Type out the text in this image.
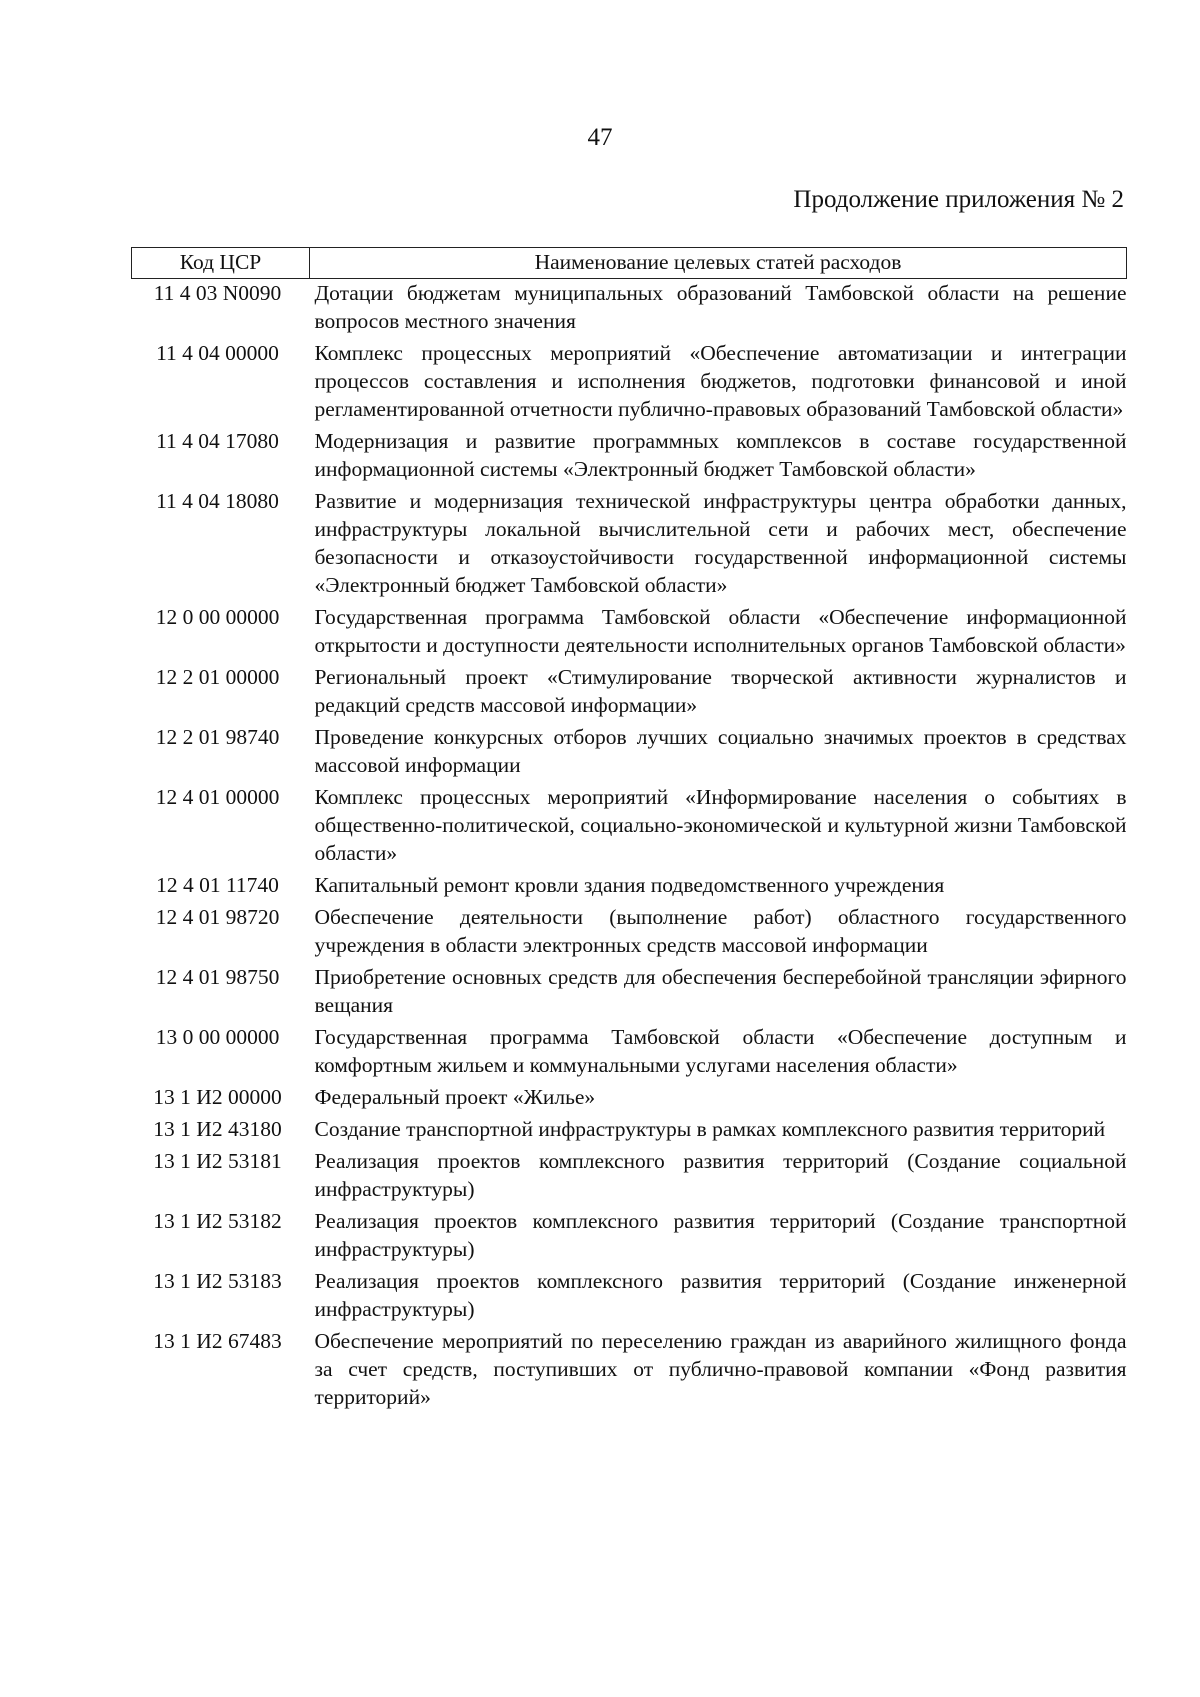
47
Продолжение приложения № 2
Код ЦСР	Наименование целевых статей расходов
11 4 03 N0090	Дотации бюджетам муниципальных образований Тамбовской области на решение вопросов местного значения
11 4 04 00000	Комплекс процессных мероприятий «Обеспечение автоматизации и интеграции процессов составления и исполнения бюджетов, подготовки финансовой и иной регламентированной отчетности публично-правовых образований Тамбовской области»
11 4 04 17080	Модернизация и развитие программных комплексов в составе государственной информационной системы «Электронный бюджет Тамбовской области»
11 4 04 18080	Развитие и модернизация технической инфраструктуры центра обработки данных, инфраструктуры локальной вычислительной сети и рабочих мест, обеспечение безопасности и отказоустойчивости государственной информационной системы «Электронный бюджет Тамбовской области»
12 0 00 00000	Государственная программа Тамбовской области «Обеспечение информационной открытости и доступности деятельности исполнительных органов Тамбовской области»
12 2 01 00000	Региональный проект «Стимулирование творческой активности журналистов и редакций средств массовой информации»
12 2 01 98740	Проведение конкурсных отборов лучших социально значимых проектов в средствах массовой информации
12 4 01 00000	Комплекс процессных мероприятий «Информирование населения о событиях в общественно-политической, социально-экономической и культурной жизни Тамбовской области»
12 4 01 11740	Капитальный ремонт кровли здания подведомственного учреждения
12 4 01 98720	Обеспечение деятельности (выполнение работ) областного государственного учреждения в области электронных средств массовой информации
12 4 01 98750	Приобретение основных средств для обеспечения бесперебойной трансляции эфирного вещания
13 0 00 00000	Государственная программа Тамбовской области «Обеспечение доступным и комфортным жильем и коммунальными услугами населения области»
13 1 И2 00000	Федеральный проект «Жилье»
13 1 И2 43180	Создание транспортной инфраструктуры в рамках комплексного развития территорий
13 1 И2 53181	Реализация проектов комплексного развития территорий (Создание социальной инфраструктуры)
13 1 И2 53182	Реализация проектов комплексного развития территорий (Создание транспортной инфраструктуры)
13 1 И2 53183	Реализация проектов комплексного развития территорий (Создание инженерной инфраструктуры)
13 1 И2 67483	Обеспечение мероприятий по переселению граждан из аварийного жилищного фонда за счет средств, поступивших от публично-правовой компании «Фонд развития территорий»
